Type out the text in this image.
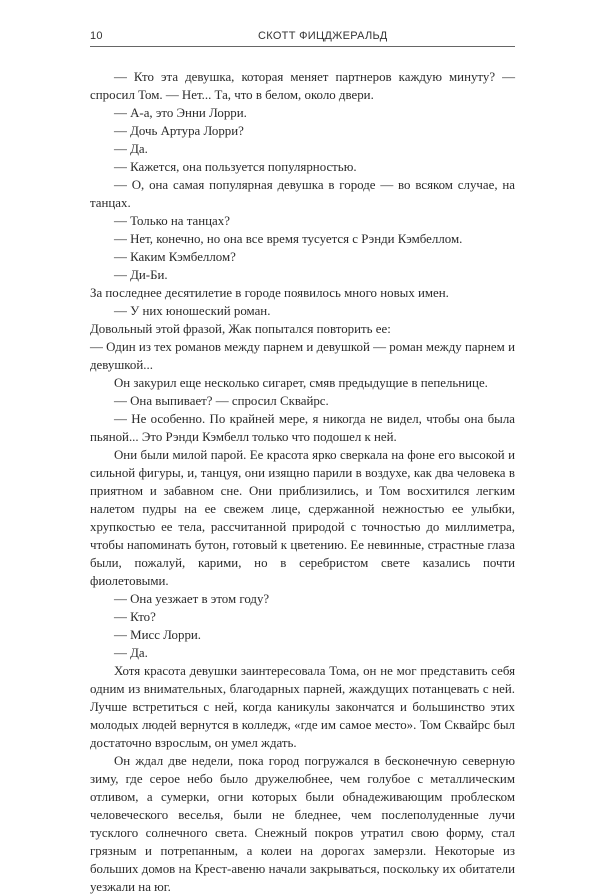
10	СКОТТ ФИЦДЖЕРАЛЬД

— Кто эта девушка, которая меняет партнеров каждую минуту? — спросил Том. — Нет... Та, что в белом, около двери.

— А-а, это Энни Лорри.

— Дочь Артура Лорри?

— Да.

— Кажется, она пользуется популярностью.

— О, она самая популярная девушка в городе — во всяком случае, на танцах.

— Только на танцах?

— Нет, конечно, но она все время тусуется с Рэнди Кэмбеллом.

— Каким Кэмбеллом?

— Ди-Би.

За последнее десятилетие в городе появилось много новых имен.

— У них юношеский роман.

Довольный этой фразой, Жак попытался повторить ее:

— Один из тех романов между парнем и девушкой — роман между парнем и девушкой...

Он закурил еще несколько сигарет, смяв предыдущие в пепельнице.

— Она выпивает? — спросил Сквайрс.

— Не особенно. По крайней мере, я никогда не видел, чтобы она была пьяной... Это Рэнди Кэмбелл только что подошел к ней.

Они были милой парой. Ее красота ярко сверкала на фоне его высокой и сильной фигуры, и, танцуя, они изящно парили в воздухе, как два человека в приятном и забавном сне. Они приблизились, и Том восхитился легким налетом пудры на ее свежем лице, сдержанной нежностью ее улыбки, хрупкостью ее тела, рассчитанной природой с точностью до миллиметра, чтобы напоминать бутон, готовый к цветению. Ее невинные, страстные глаза были, пожалуй, карими, но в серебристом свете казались почти фиолетовыми.

— Она уезжает в этом году?

— Кто?

— Мисс Лорри.

— Да.

Хотя красота девушки заинтересовала Тома, он не мог представить себя одним из внимательных, благодарных парней, жаждущих потанцевать с ней. Лучше встретиться с ней, когда каникулы закончатся и большинство этих молодых людей вернутся в колледж, «где им самое место». Том Сквайрс был достаточно взрослым, он умел ждать.

Он ждал две недели, пока город погружался в бесконечную северную зиму, где серое небо было дружелюбнее, чем голубое с металлическим отливом, а сумерки, огни которых были обнадеживающим проблеском человеческого веселья, были не бледнее, чем послеполуденные лучи тусклого солнечного света. Снежный покров утратил свою форму, стал грязным и потрепанным, а колеи на дорогах замерзли. Некоторые из больших домов на Крест-авеню начали закрываться, поскольку их обитатели уезжали на юг.
